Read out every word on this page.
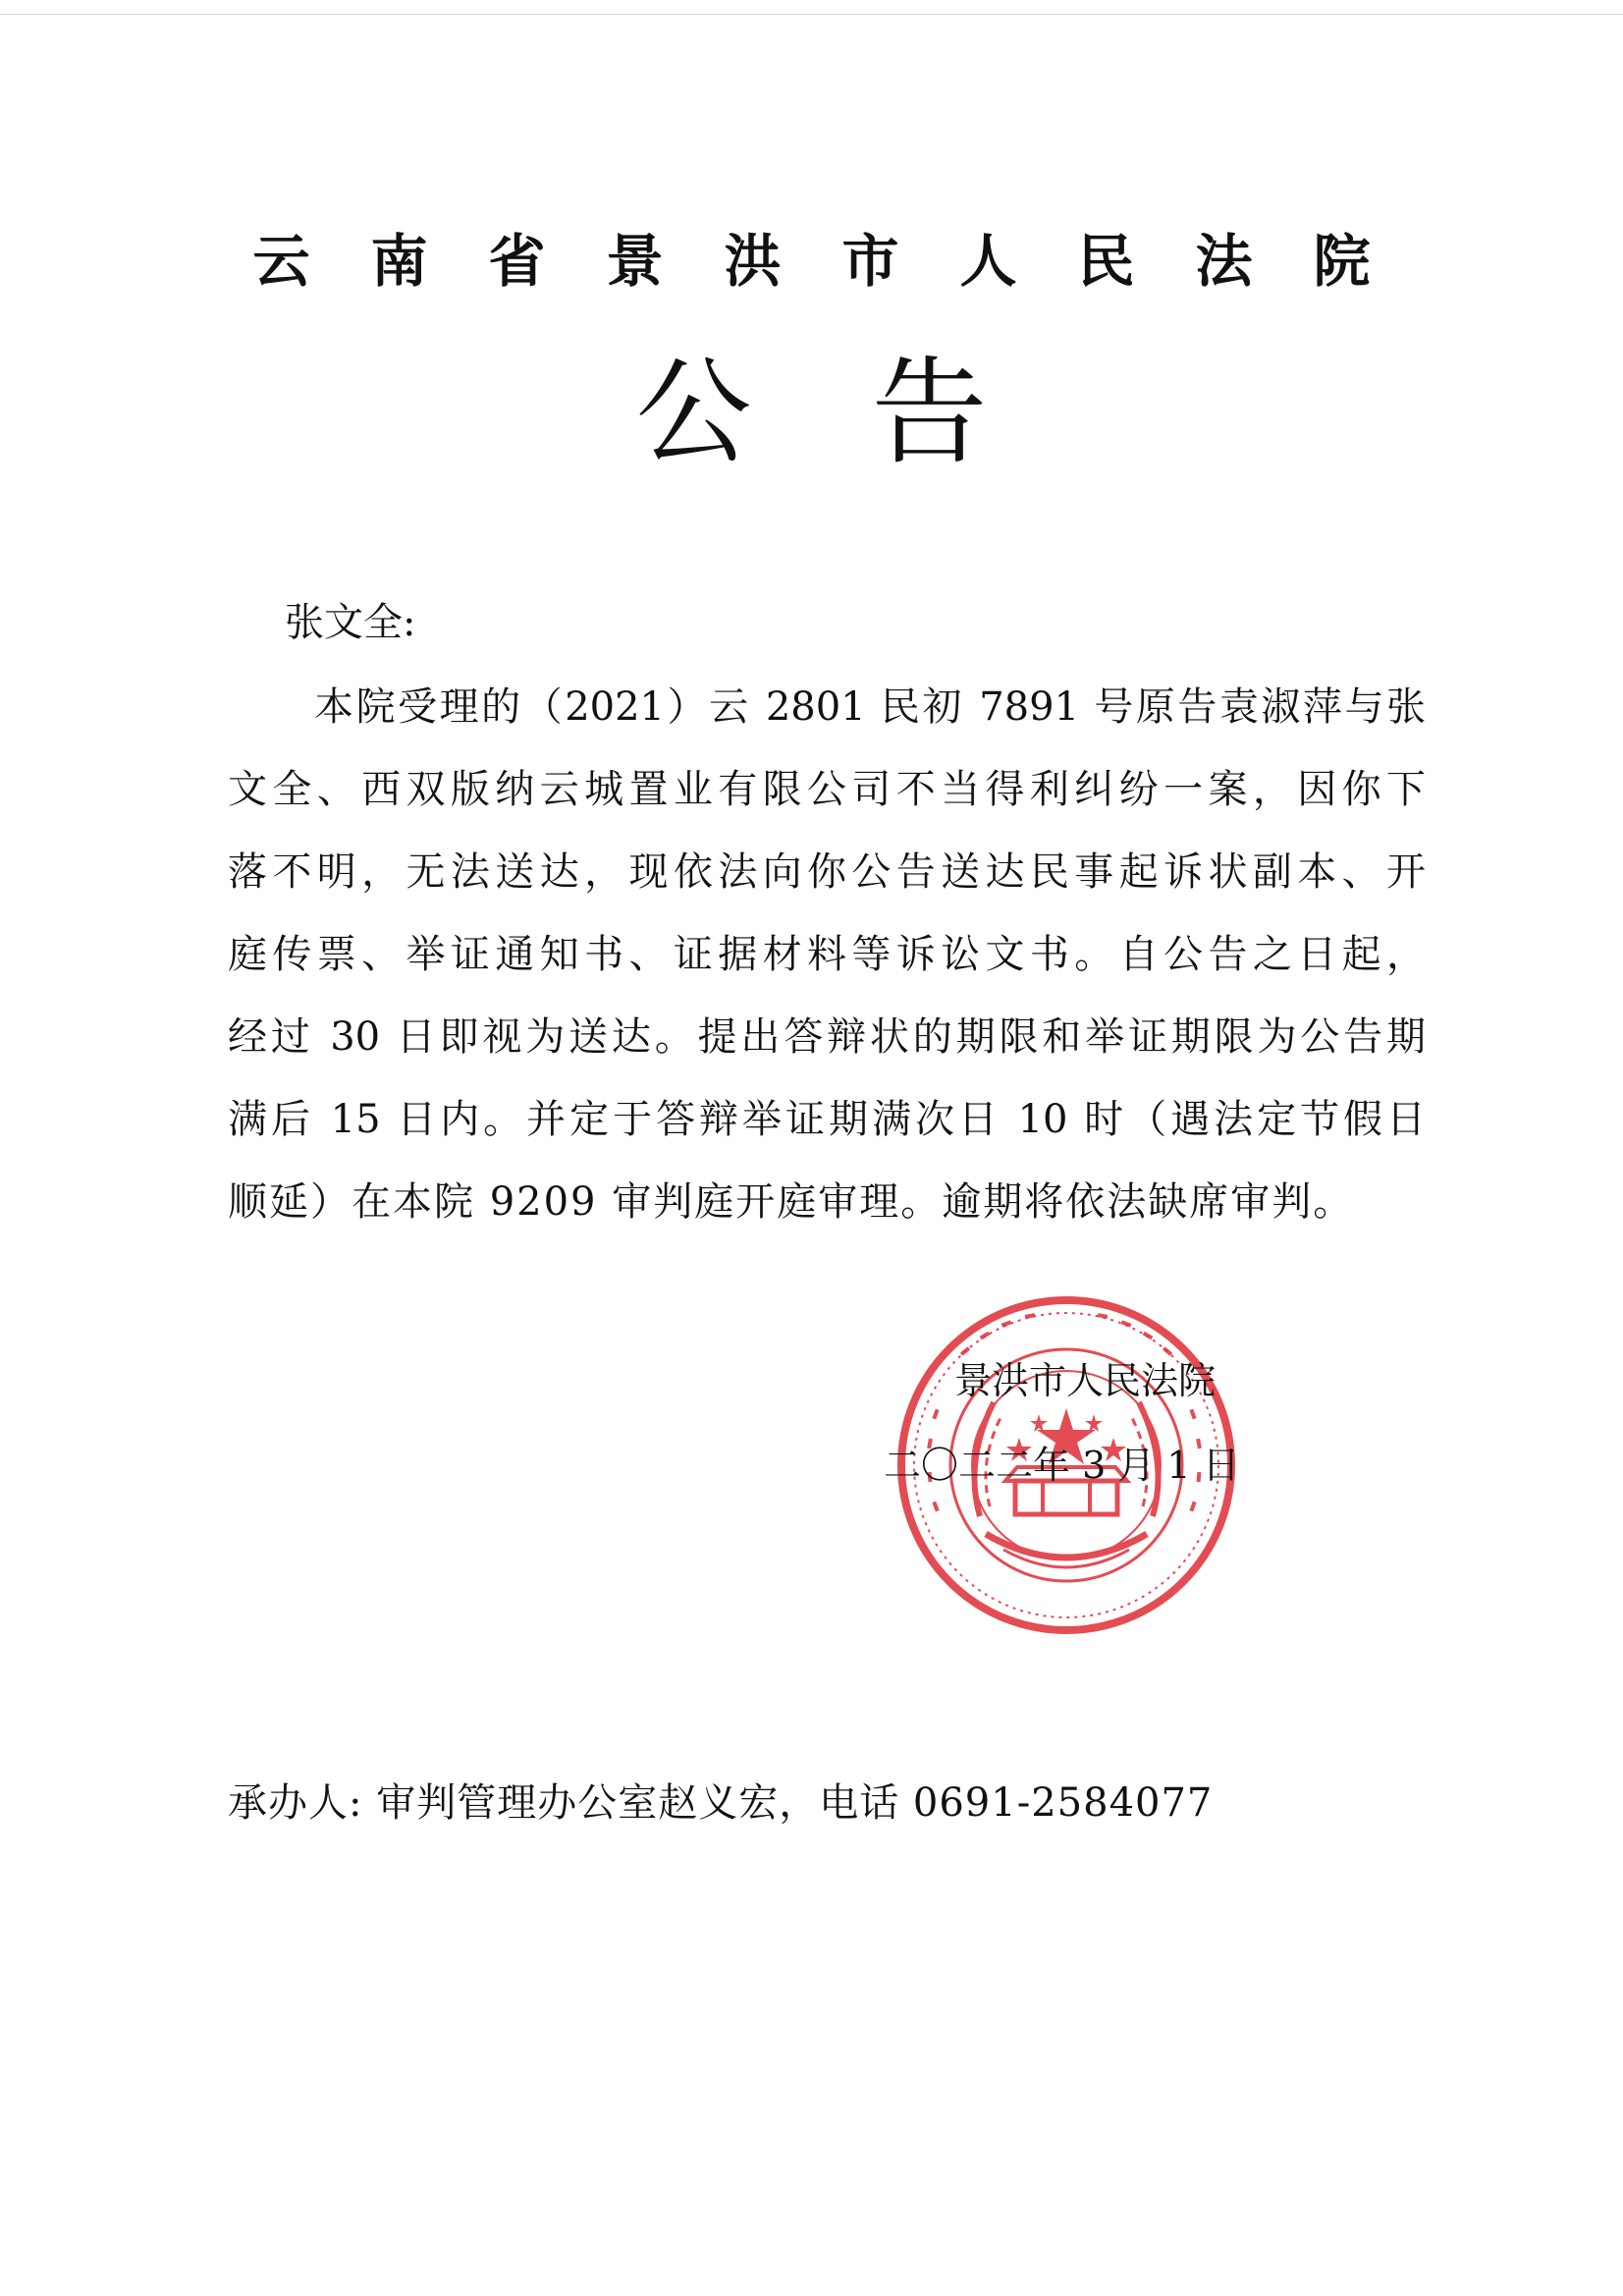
云 南 省 景 洪 市 人 民 法 院
公 告
张文全:
本院受理的（2021）云 2801 民初 7891 号原告袁淑萍与张
文全、西双版纳云城置业有限公司不当得利纠纷一案，因你下
落不明，无法送达，现依法向你公告送达民事起诉状副本、开
庭传票、举证通知书、证据材料等诉讼文书。自公告之日起，
经过 30 日即视为送达。提出答辩状的期限和举证期限为公告期
满后 15 日内。并定于答辩举证期满次日 10 时（遇法定节假日
顺延）在本院 9209 审判庭开庭审理。逾期将依法缺席审判。
景洪市人民法院
二〇二二年 3 月 1 日
承办人: 审判管理办公室赵义宏，电话 0691-2584077
